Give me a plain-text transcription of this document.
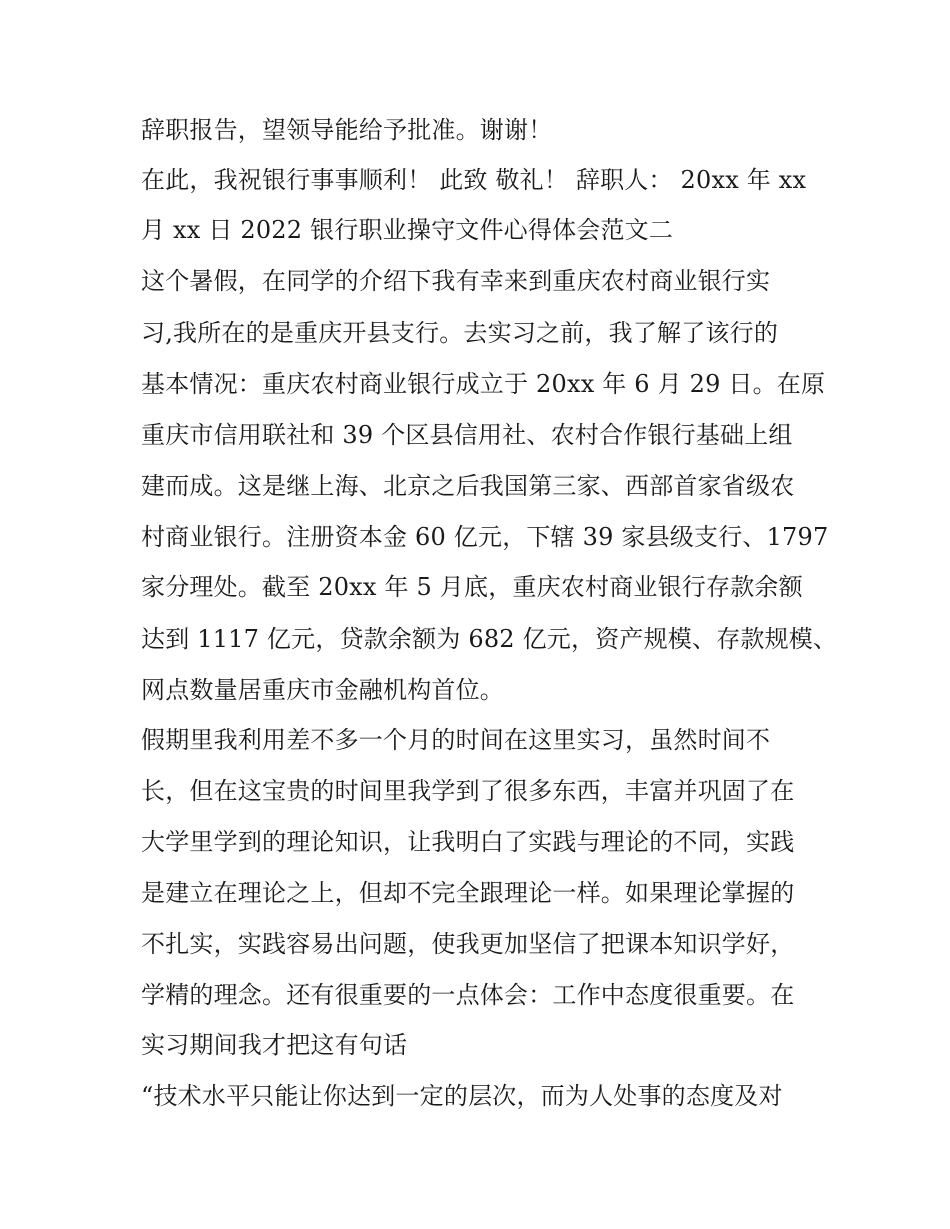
辞职报告，望领导能给予批准。谢谢！
在此，我祝银行事事顺利！ 此致 敬礼！ 辞职人： 20xx 年 xx
月 xx 日 2022 银行职业操守文件心得体会范文二
这个暑假，在同学的介绍下我有幸来到重庆农村商业银行实
习,我所在的是重庆开县支行。去实习之前，我了解了该行的
基本情况：重庆农村商业银行成立于 20xx 年 6 月 29 日。在原
重庆市信用联社和 39 个区县信用社、农村合作银行基础上组
建而成。这是继上海、北京之后我国第三家、西部首家省级农
村商业银行。注册资本金 60 亿元，下辖 39 家县级支行、1797
家分理处。截至 20xx 年 5 月底，重庆农村商业银行存款余额
达到 1117 亿元，贷款余额为 682 亿元，资产规模、存款规模、
网点数量居重庆市金融机构首位。
假期里我利用差不多一个月的时间在这里实习，虽然时间不
长，但在这宝贵的时间里我学到了很多东西，丰富并巩固了在
大学里学到的理论知识，让我明白了实践与理论的不同，实践
是建立在理论之上，但却不完全跟理论一样。如果理论掌握的
不扎实，实践容易出问题，使我更加坚信了把课本知识学好，
学精的理念。还有很重要的一点体会：工作中态度很重要。在
实习期间我才把这有句话
“技术水平只能让你达到一定的层次，而为人处事的态度及对
